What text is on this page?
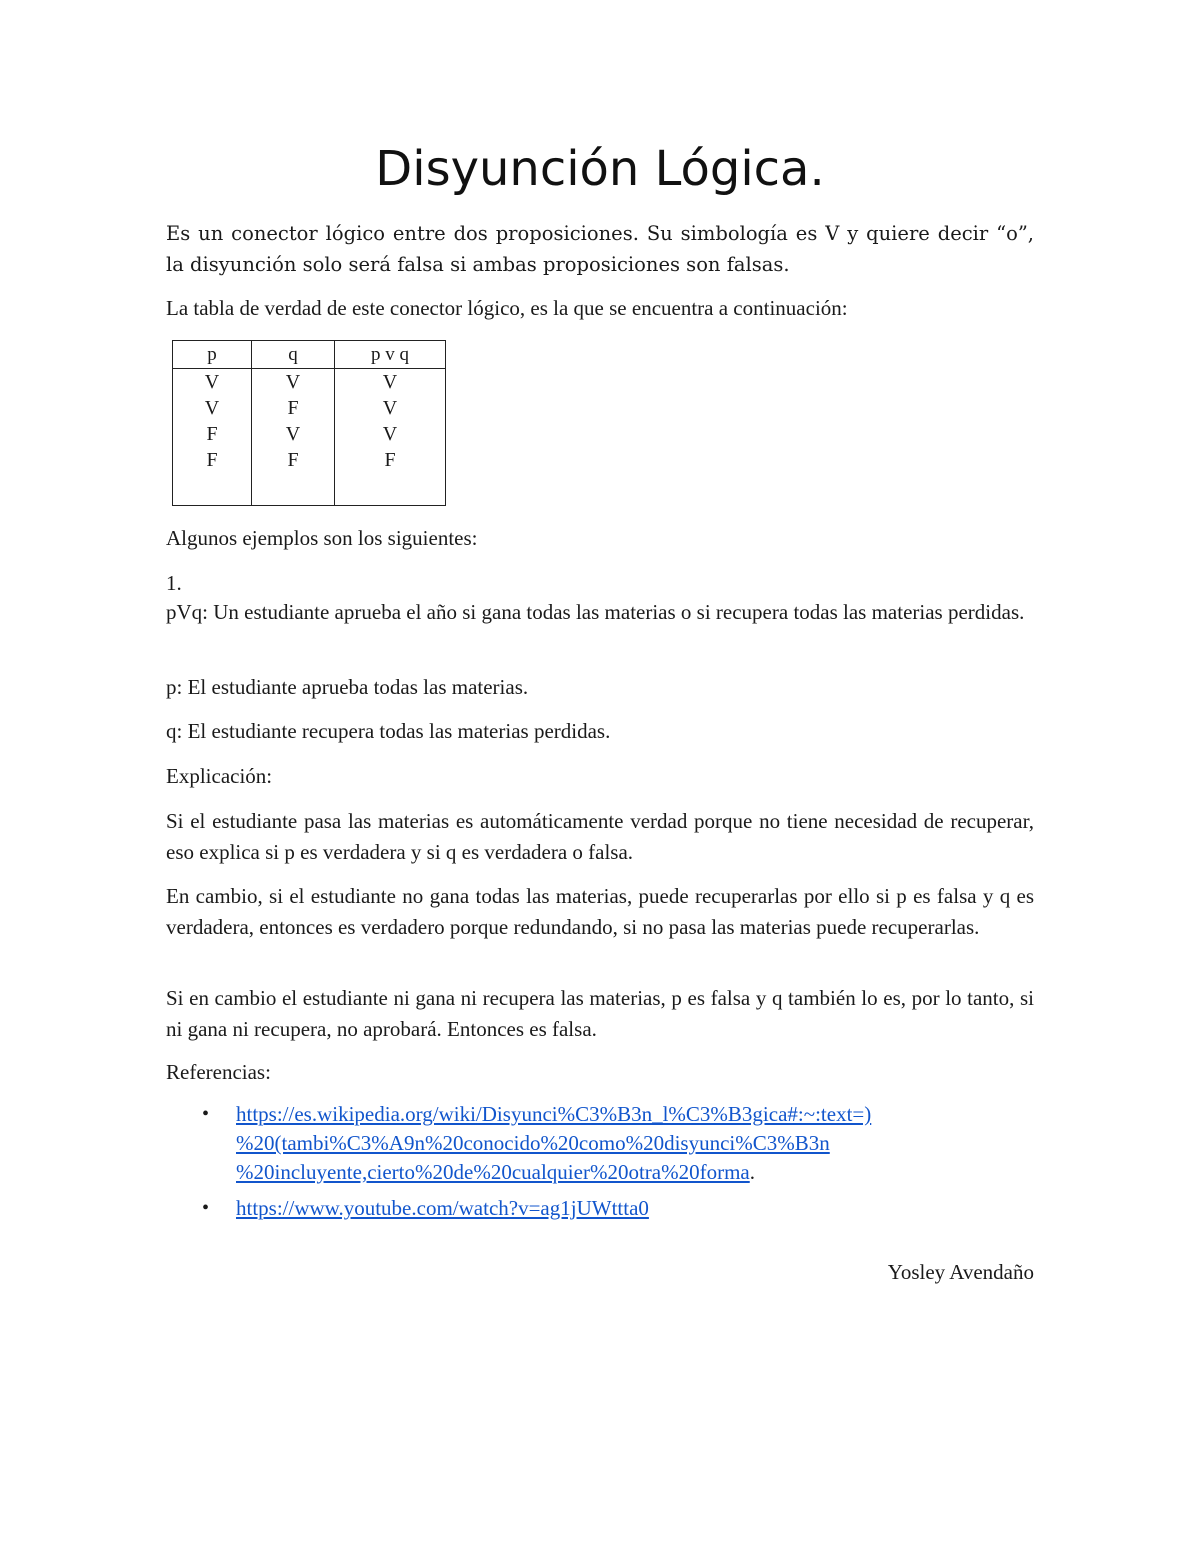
Disyunción Lógica.

Es un conector lógico entre dos proposiciones. Su simbología es V y quiere decir “o”, la disyunción solo será falsa si ambas proposiciones son falsas.

La tabla de verdad de este conector lógico, es la que se encuentra a continuación:

p	q	p v q
V	V	V
V	F	V
F	V	V
F	F	F

Algunos ejemplos son los siguientes:

1.

pVq: Un estudiante aprueba el año si gana todas las materias o si recupera todas las materias perdidas.

p: El estudiante aprueba todas las materias.

q: El estudiante recupera todas las materias perdidas.

Explicación:

Si el estudiante pasa las materias es automáticamente verdad porque no tiene necesidad de recuperar, eso explica si p es verdadera y si q es verdadera o falsa.

En cambio, si el estudiante no gana todas las materias, puede recuperarlas por ello si p es falsa y q es verdadera, entonces es verdadero porque redundando, si no pasa las materias puede recuperarlas.

Si en cambio el estudiante ni gana ni recupera las materias, p es falsa y q también lo es, por lo tanto, si ni gana ni recupera, no aprobará. Entonces es falsa.

Referencias:

• https://es.wikipedia.org/wiki/Disyunci%C3%B3n_l%C3%B3gica#:~:text=)
%20(tambi%C3%A9n%20conocido%20como%20disyunci%C3%B3n
%20incluyente,cierto%20de%20cualquier%20otra%20forma.
• https://www.youtube.com/watch?v=ag1jUWttta0

Yosley Avendaño
